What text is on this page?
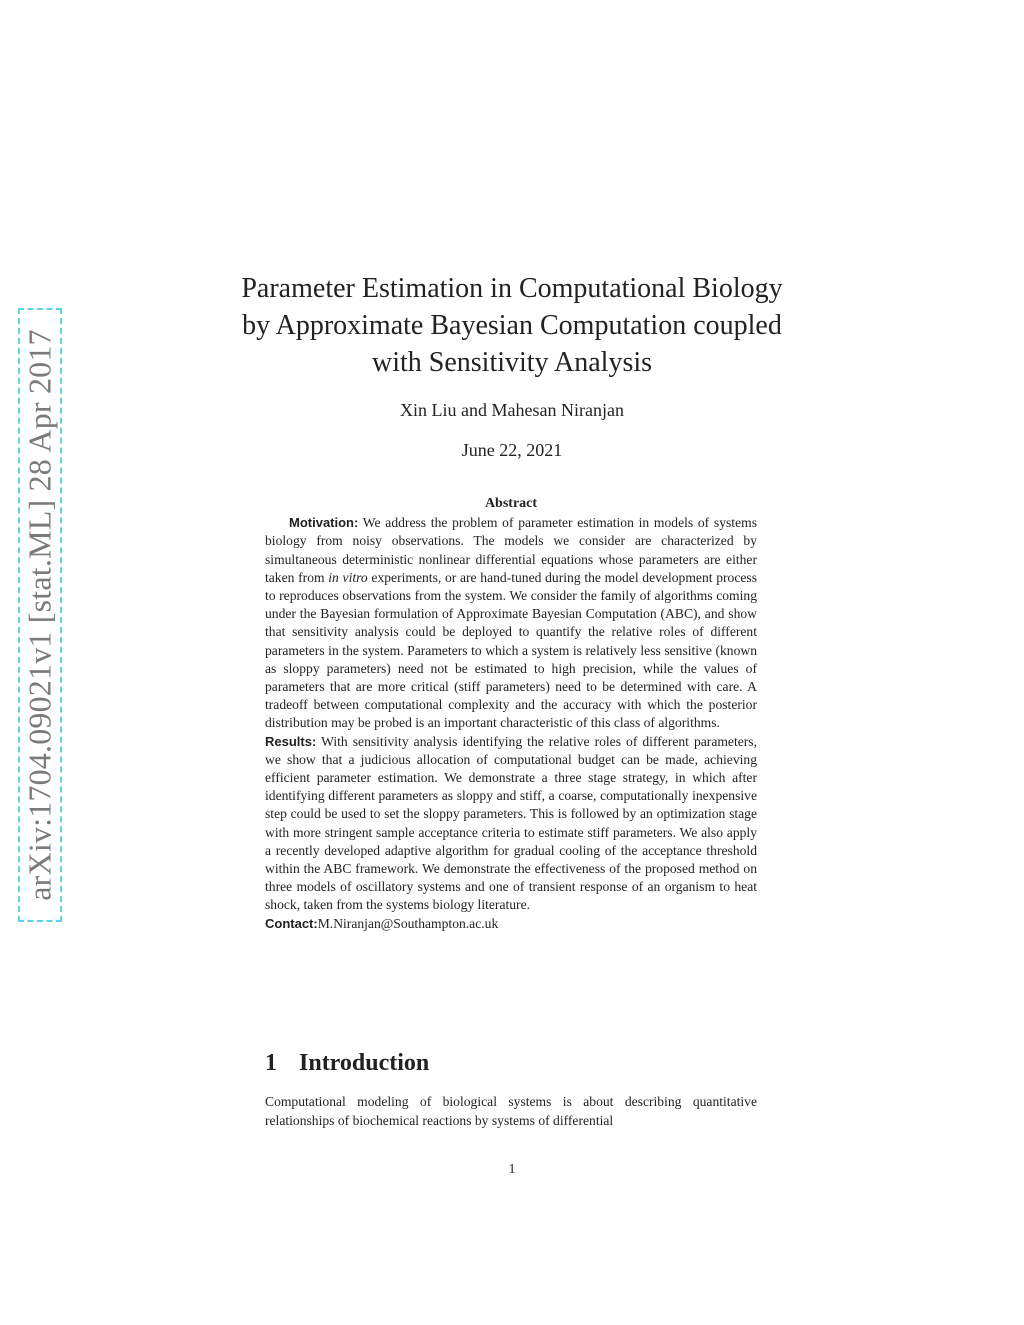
arXiv:1704.09021v1 [stat.ML] 28 Apr 2017
Parameter Estimation in Computational Biology
by Approximate Bayesian Computation coupled
with Sensitivity Analysis
Xin Liu and Mahesan Niranjan
June 22, 2021
Abstract

Motivation: We address the problem of parameter estimation in models of systems biology from noisy observations. The models we consider are characterized by simultaneous deterministic nonlinear differential equations whose parameters are either taken from in vitro experiments, or are hand-tuned during the model development process to reproduces observations from the system. We consider the family of algorithms coming under the Bayesian formulation of Approximate Bayesian Computation (ABC), and show that sensitivity analysis could be deployed to quantify the relative roles of different parameters in the system. Parameters to which a system is relatively less sensitive (known as sloppy parameters) need not be estimated to high precision, while the values of parameters that are more critical (stiff parameters) need to be determined with care. A tradeoff between computational complexity and the accuracy with which the posterior distribution may be probed is an important characteristic of this class of algorithms.

Results: With sensitivity analysis identifying the relative roles of different parameters, we show that a judicious allocation of computational budget can be made, achieving efficient parameter estimation. We demonstrate a three stage strategy, in which after identifying different parameters as sloppy and stiff, a coarse, computationally inexpensive step could be used to set the sloppy parameters. This is followed by an optimization stage with more stringent sample acceptance criteria to estimate stiff parameters. We also apply a recently developed adaptive algorithm for gradual cooling of the acceptance threshold within the ABC framework. We demonstrate the effectiveness of the proposed method on three models of oscillatory systems and one of transient response of an organism to heat shock, taken from the systems biology literature.

Contact:M.Niranjan@Southampton.ac.uk

1 Introduction

Computational modeling of biological systems is about describing quantitative relationships of biochemical reactions by systems of differential

1
